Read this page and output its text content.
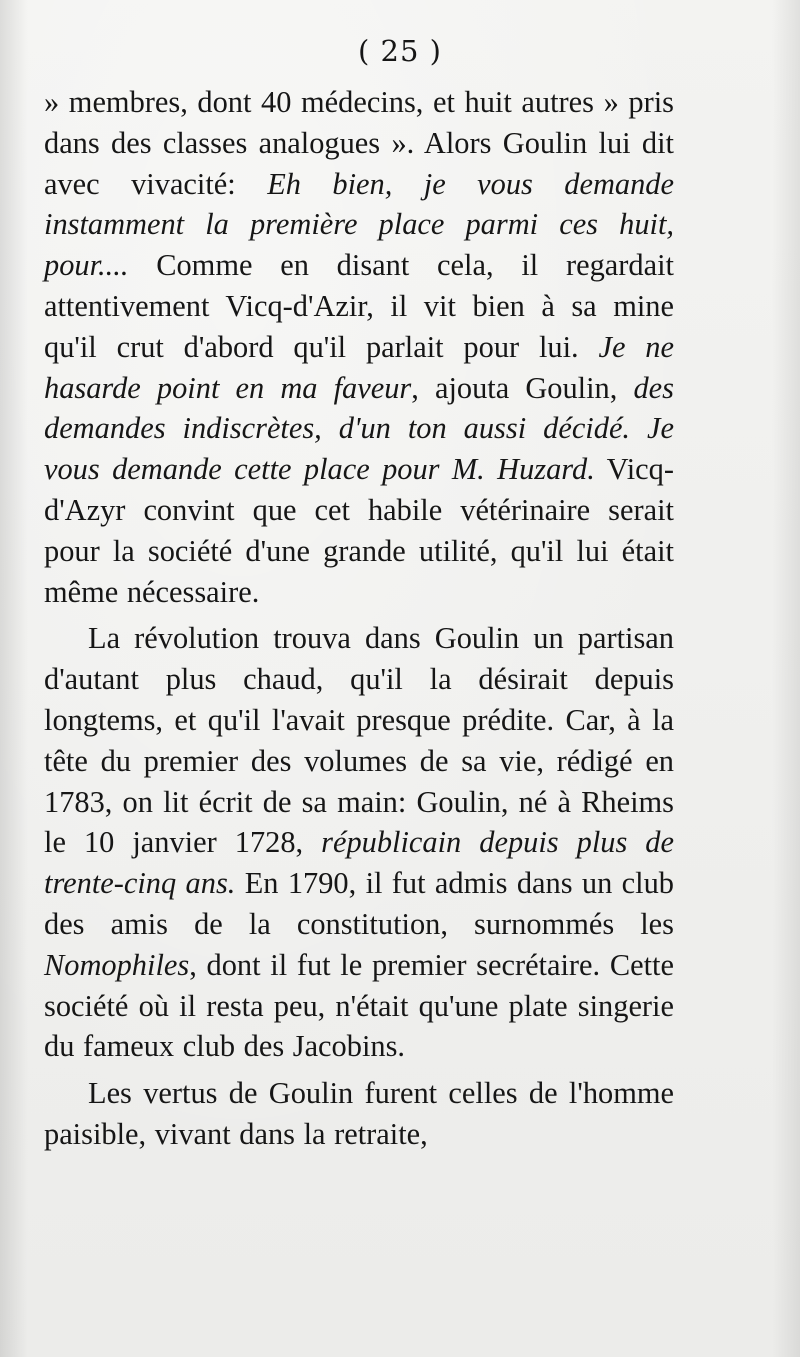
( 25 )

» membres, dont 40 médecins, et huit autres » pris dans des classes analogues ». Alors Goulin lui dit avec vivacité: Eh bien, je vous demande instamment la première place parmi ces huit, pour.... Comme en disant cela, il regardait attentivement Vicq-d'Azir, il vit bien à sa mine qu'il crut d'abord qu'il parlait pour lui. Je ne hasarde point en ma faveur, ajouta Goulin, des demandes indiscrètes, d'un ton aussi décidé. Je vous demande cette place pour M. Huzard. Vicq-d'Azyr convint que cet habile vétérinaire serait pour la société d'une grande utilité, qu'il lui était même nécessaire.

La révolution trouva dans Goulin un partisan d'autant plus chaud, qu'il la désirait depuis longtems, et qu'il l'avait presque prédite. Car, à la tête du premier des volumes de sa vie, rédigé en 1783, on lit écrit de sa main: Goulin, né à Rheims le 10 janvier 1728, républicain depuis plus de trente-cinq ans. En 1790, il fut admis dans un club des amis de la constitution, surnommés les Nomophiles, dont il fut le premier secrétaire. Cette société où il resta peu, n'était qu'une plate singerie du fameux club des Jacobins.

Les vertus de Goulin furent celles de l'homme paisible, vivant dans la retraite,
